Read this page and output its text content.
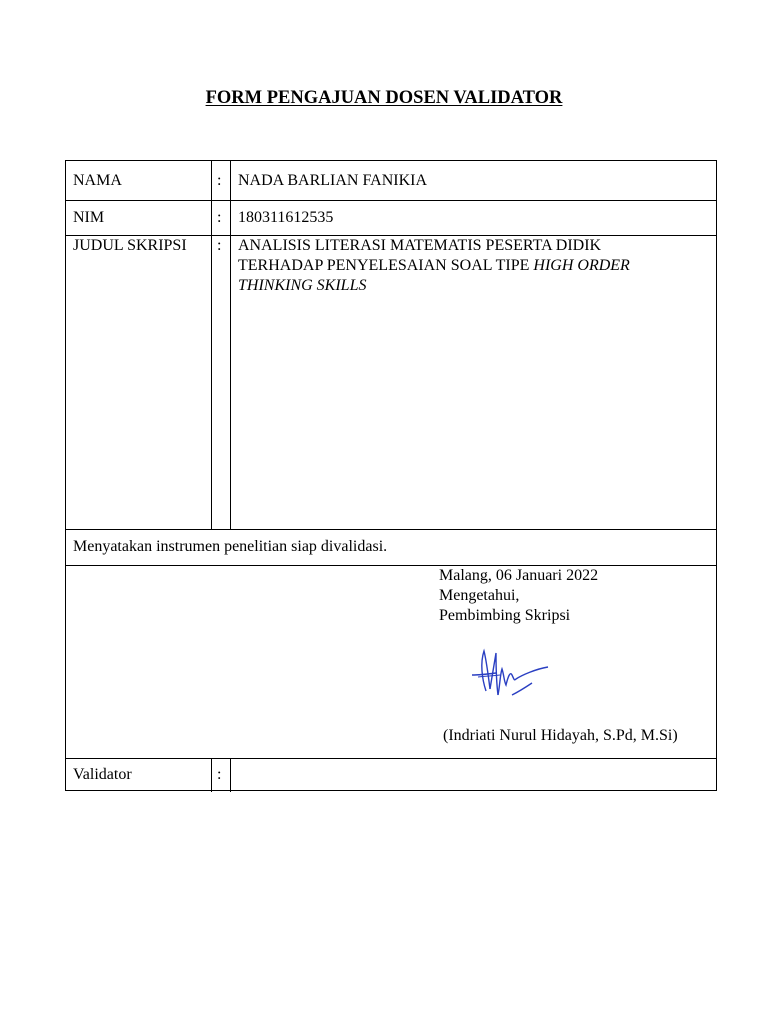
FORM PENGAJUAN DOSEN VALIDATOR
NAMA	: NADA BARLIAN FANIKIA
NIM	: 180311612535
JUDUL SKRIPSI : ANALISIS LITERASI MATEMATIS PESERTA DIDIK
TERHADAP PENYELESAIAN SOAL TIPE HIGH ORDER
THINKING SKILLS
Menyatakan instrumen penelitian siap divalidasi.
Malang, 06 Januari 2022
Mengetahui,
Pembimbing Skripsi
(Indriati Nurul Hidayah, S.Pd, M.Si)
Validator	:
